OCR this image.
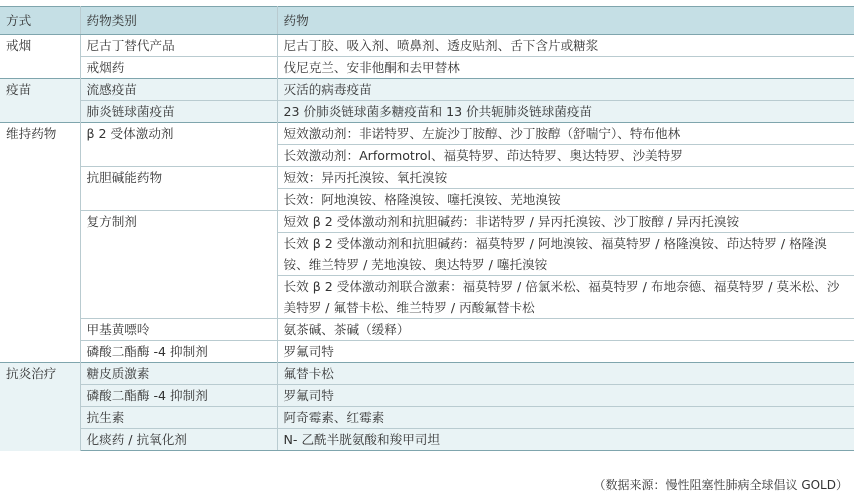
方式	药物类别	药物
戒烟	尼古丁替代产品	尼古丁胶、吸入剂、喷鼻剂、透皮贴剂、舌下含片或糖浆
	戒烟药	伐尼克兰、安非他酮和去甲替林
疫苗	流感疫苗	灭活的病毒疫苗
	肺炎链球菌疫苗	23 价肺炎链球菌多糖疫苗和 13 价共轭肺炎链球菌疫苗
维持药物	β 2 受体激动剂	短效激动剂：非诺特罗、左旋沙丁胺醇、沙丁胺醇（舒喘宁）、特布他林
		长效激动剂：Arformotrol、福莫特罗、茚达特罗、奥达特罗、沙美特罗
	抗胆碱能药物	短效：异丙托溴铵、氧托溴铵
		长效：阿地溴铵、格隆溴铵、噻托溴铵、芜地溴铵
	复方制剂	短效 β 2 受体激动剂和抗胆碱药：非诺特罗 / 异丙托溴铵、沙丁胺醇 / 异丙托溴铵
		长效 β 2 受体激动剂和抗胆碱药：福莫特罗 / 阿地溴铵、福莫特罗 / 格隆溴铵、茚达特罗 / 格隆溴铵、维兰特罗 / 芜地溴铵、奥达特罗 / 噻托溴铵
		长效 β 2 受体激动剂联合激素：福莫特罗 / 倍氯米松、福莫特罗 / 布地奈德、福莫特罗 / 莫米松、沙美特罗 / 氟替卡松、维兰特罗 / 丙酸氟替卡松
	甲基黄嘌呤	氨茶碱、茶碱（缓释）
	磷酸二酯酶 -4 抑制剂	罗氟司特
抗炎治疗	糖皮质激素	氟替卡松
	磷酸二酯酶 -4 抑制剂	罗氟司特
	抗生素	阿奇霉素、红霉素
	化痰药 / 抗氧化剂	N- 乙酰半胱氨酸和羧甲司坦
（数据来源：慢性阻塞性肺病全球倡议 GOLD）
